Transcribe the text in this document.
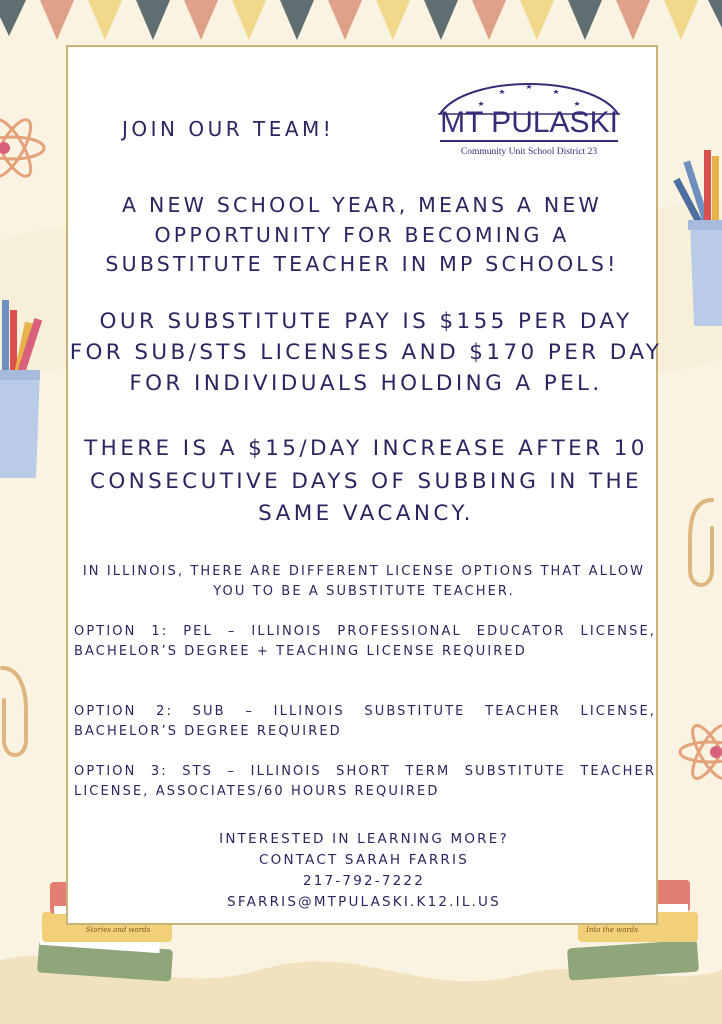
Stories and words	Into the words
JOIN OUR TEAM!	MT PULASKI
Community Unit School District 23

A NEW SCHOOL YEAR, MEANS A NEW OPPORTUNITY FOR BECOMING A SUBSTITUTE TEACHER IN MP SCHOOLS!

OUR SUBSTITUTE PAY IS $155 PER DAY FOR SUB/STS LICENSES AND $170 PER DAY FOR INDIVIDUALS HOLDING A PEL.

THERE IS A $15/DAY INCREASE AFTER 10 CONSECUTIVE DAYS OF SUBBING IN THE SAME VACANCY.

IN ILLINOIS, THERE ARE DIFFERENT LICENSE OPTIONS THAT ALLOW YOU TO BE A SUBSTITUTE TEACHER.

OPTION 1: PEL – ILLINOIS PROFESSIONAL EDUCATOR LICENSE, BACHELOR’S DEGREE + TEACHING LICENSE REQUIRED

OPTION 2: SUB – ILLINOIS SUBSTITUTE TEACHER LICENSE, BACHELOR’S DEGREE REQUIRED

OPTION 3: STS – ILLINOIS SHORT TERM SUBSTITUTE TEACHER LICENSE, ASSOCIATES/60 HOURS REQUIRED

INTERESTED IN LEARNING MORE?
CONTACT SARAH FARRIS
217-792-7222
SFARRIS@MTPULASKI.K12.IL.US
